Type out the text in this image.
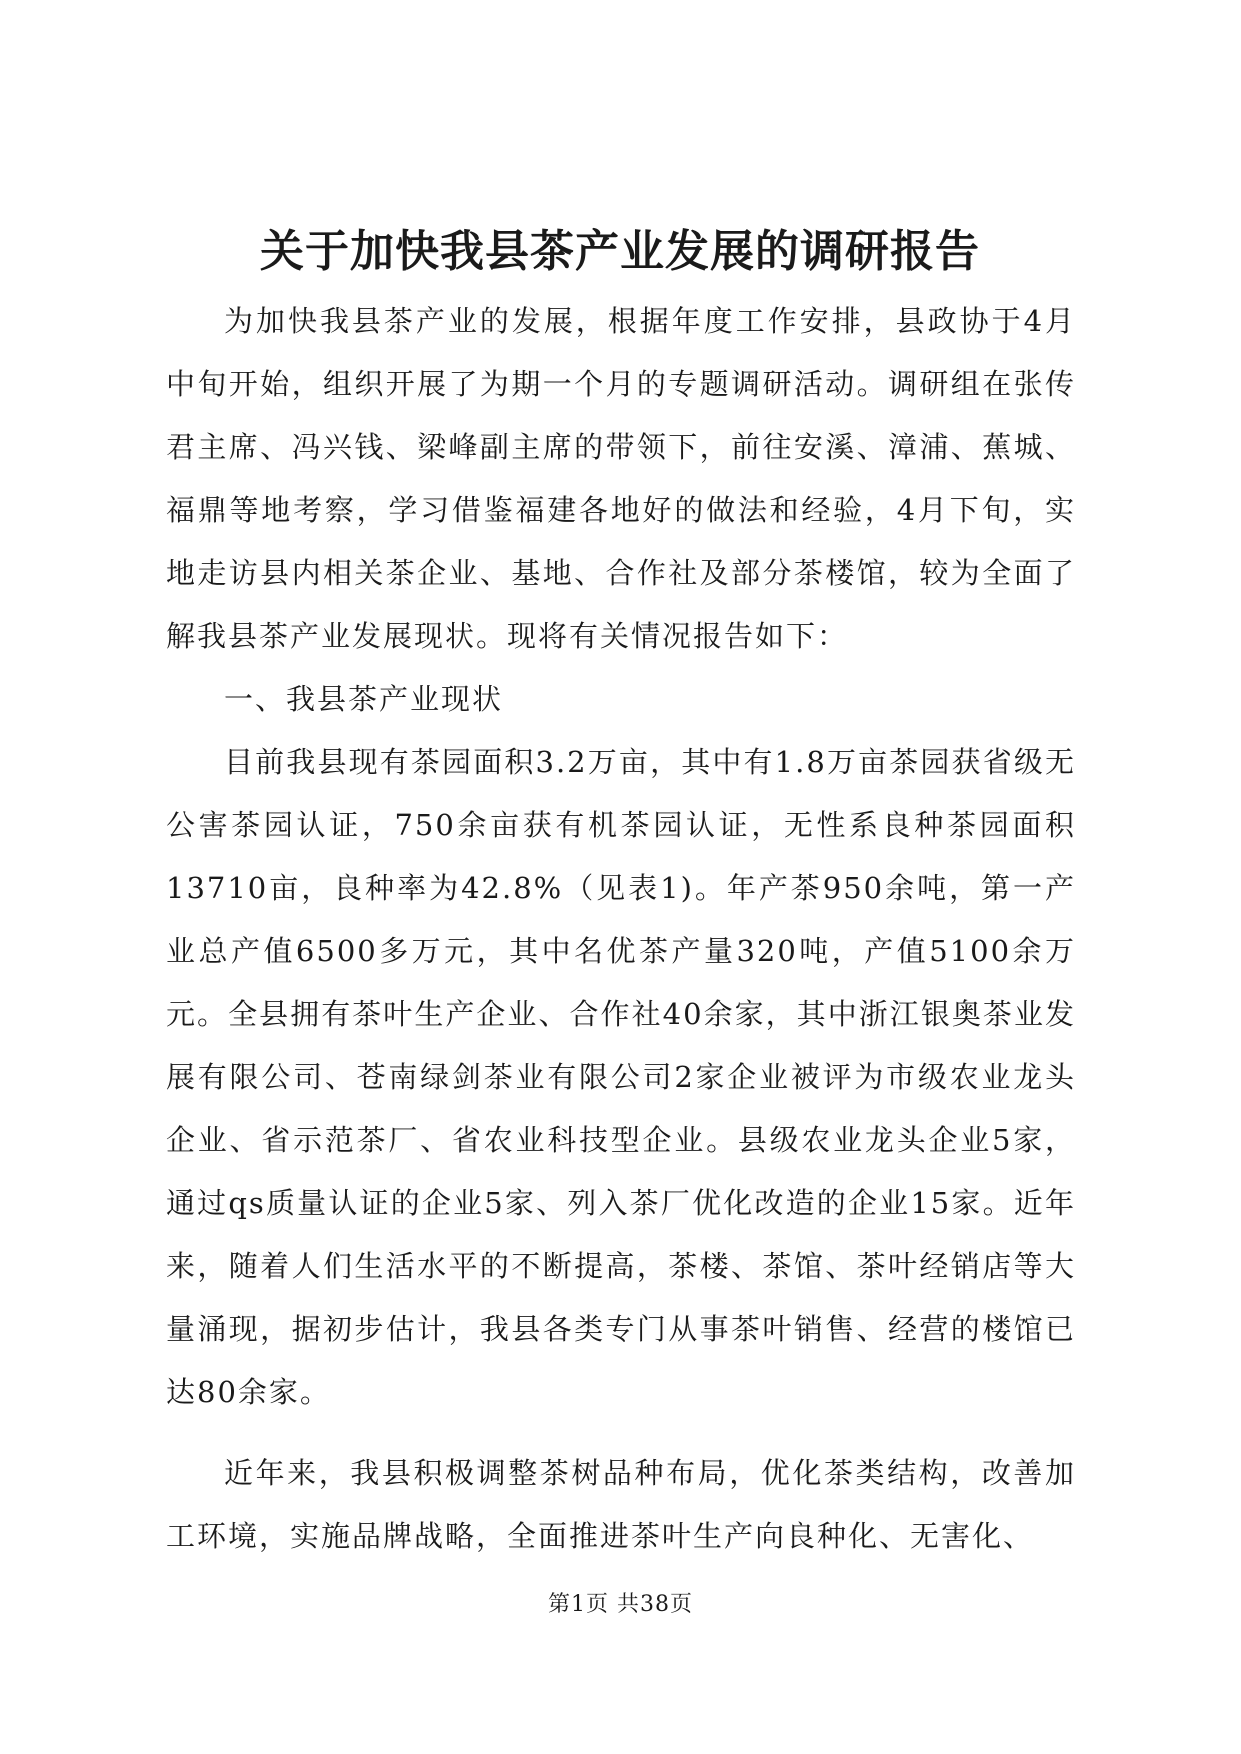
关于加快我县茶产业发展的调研报告

为加快我县茶产业的发展，根据年度工作安排，县政协于4月中旬开始，组织开展了为期一个月的专题调研活动。调研组在张传君主席、冯兴钱、梁峰副主席的带领下，前往安溪、漳浦、蕉城、福鼎等地考察，学习借鉴福建各地好的做法和经验，4月下旬，实地走访县内相关茶企业、基地、合作社及部分茶楼馆，较为全面了解我县茶产业发展现状。现将有关情况报告如下：

一、我县茶产业现状

目前我县现有茶园面积3.2万亩，其中有1.8万亩茶园获省级无公害茶园认证，750余亩获有机茶园认证，无性系良种茶园面积13710亩，良种率为42.8%（见表1)。年产茶950余吨，第一产业总产值6500多万元，其中名优茶产量320吨，产值5100余万元。全县拥有茶叶生产企业、合作社40余家，其中浙江银奥茶业发展有限公司、苍南绿剑茶业有限公司2家企业被评为市级农业龙头企业、省示范茶厂、省农业科技型企业。县级农业龙头企业5家，通过qs质量认证的企业5家、列入茶厂优化改造的企业15家。近年来，随着人们生活水平的不断提高，茶楼、茶馆、茶叶经销店等大量涌现，据初步估计，我县各类专门从事茶叶销售、经营的楼馆已达80余家。

近年来，我县积极调整茶树品种布局，优化茶类结构，改善加工环境，实施品牌战略，全面推进茶叶生产向良种化、无害化、

第1页 共38页
